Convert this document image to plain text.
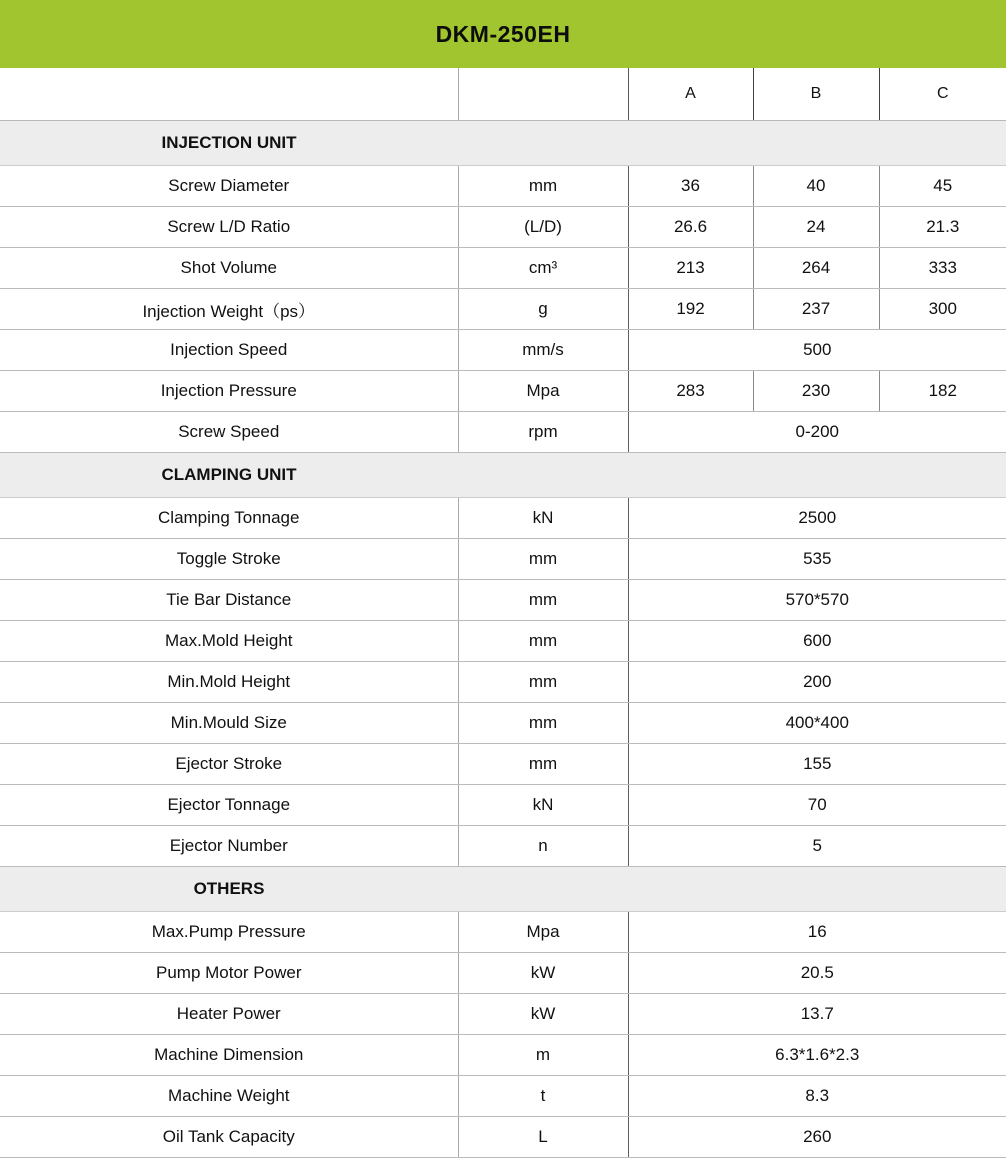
DKM-250EH
		A	B	C

INJECTION UNIT				

Screw Diameter	mm	36	40	45
Screw L/D Ratio	(L/D)	26.6	24	21.3
Shot Volume	cm³	213	264	333
Injection Weight（ps）	g	192	237	300
Injection Speed	mm/s	500		
Injection Pressure	Mpa	283	230	182
Screw Speed	rpm	0-200		

CLAMPING UNIT				

Clamping Tonnage	kN	2500		
Toggle Stroke	mm	535		
Tie Bar Distance	mm	570*570		
Max.Mold Height	mm	600		
Min.Mold Height	mm	200		
Min.Mould Size	mm	400*400		
Ejector Stroke	mm	155		
Ejector Tonnage	kN	70		
Ejector Number	n	5		

OTHERS				

Max.Pump Pressure	Mpa	16		
Pump Motor Power	kW	20.5		
Heater Power	kW	13.7		
Machine Dimension	m	6.3*1.6*2.3		
Machine Weight	t	8.3		
Oil Tank Capacity	L	260		
